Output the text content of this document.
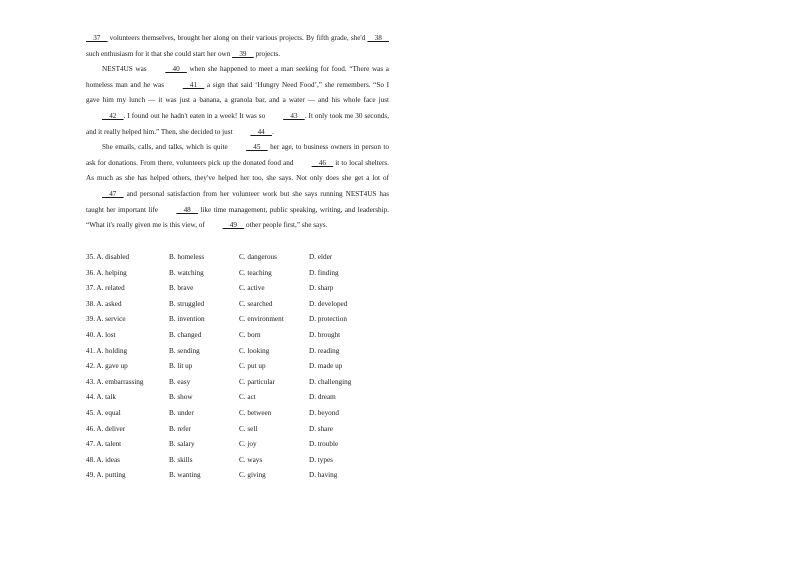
  37   volunteers themselves, brought her along on their various projects. By fifth grade, she'd   38   such enthusiasm for it that she could start her own   39   projects.

NEST4US was   40   when she happened to meet a man seeking for food. “There was a homeless man and he was   41   a sign that said ‘Hungry Need Food’,” she remembers. “So I gave him my lunch — it was just a banana, a granola bar, and a water — and his whole face just   42  . I found out he hadn't eaten in a week! It was so   43  . It only took me 30 seconds, and it really helped him.” Then, she decided to just   44  .

She emails, calls, and talks, which is quite   45   her age, to business owners in person to ask for donations. From there, volunteers pick up the donated food and   46   it to local shelters. As much as she has helped others, they've helped her too, she says. Not only does she get a lot of   47   and personal satisfaction from her volunteer work but she says running NEST4US has taught her important life   48   like time management, public speaking, writing, and leadership. “What it's really given me is this view, of   49   other people first,” she says.

35. A. disabled	B. homeless	C. dangerous	D. elder
36. A. helping	B. watching	C. teaching	D. finding
37. A. related	B. brave	C. active	D. sharp
38. A. asked	B. struggled	C. searched	D. developed
39. A. service	B. invention	C. environment	D. protection
40. A. lost	B. changed	C. born	D. brought
41. A. holding	B. sending	C. looking	D. reading
42. A. gave up	B. lit up	C. put up	D. made up
43. A. embarrassing	B. easy	C. particular	D. challenging
44. A. talk	B. show	C. act	D. dream
45. A. equal	B. under	C. between	D. beyond
46. A. deliver	B. refer	C. sell	D. share
47. A. talent	B. salary	C. joy	D. trouble
48. A. ideas	B. skills	C. ways	D. types
49. A. putting	B. wanting	C. giving	D. having
